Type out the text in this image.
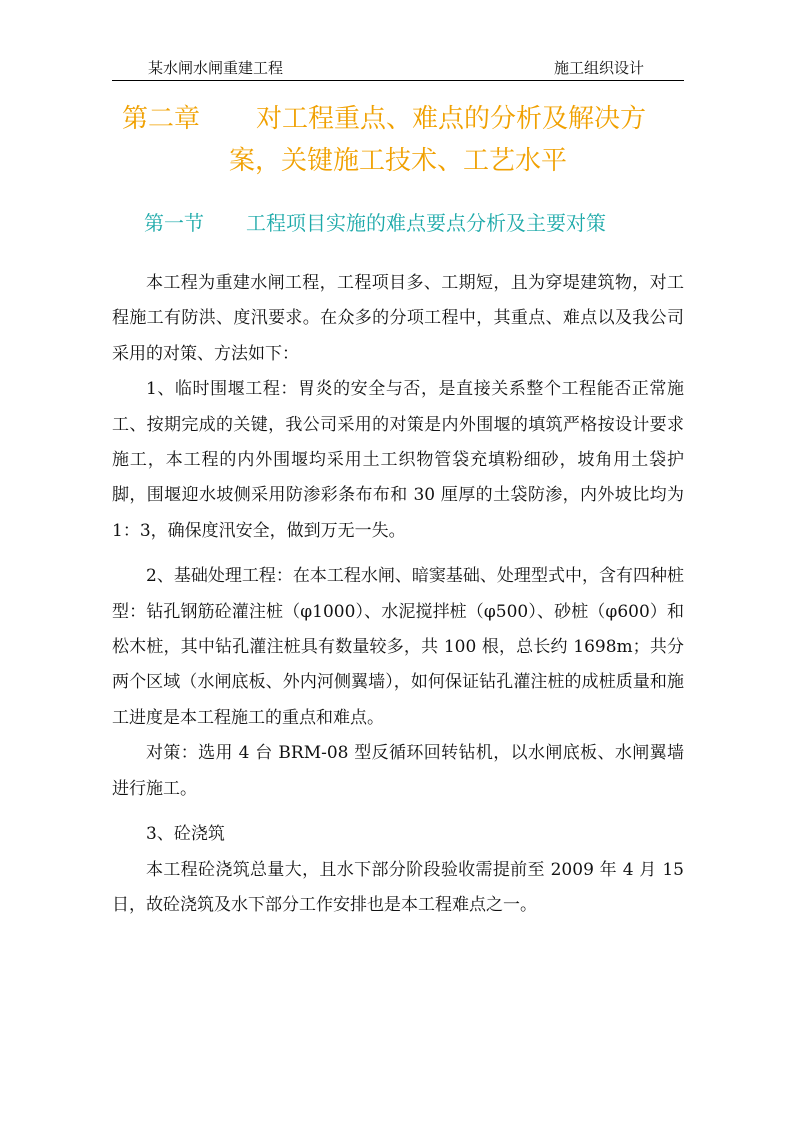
某水闸水闸重建工程	施工组织设计
第二章 对工程重点、难点的分析及解决方
案，关键施工技术、工艺水平
第一节 工程项目实施的难点要点分析及主要对策

本工程为重建水闸工程，工程项目多、工期短，且为穿堤建筑物，对工程施工有防洪、度汛要求。在众多的分项工程中，其重点、难点以及我公司采用的对策、方法如下：

1、临时围堰工程：胃炎的安全与否，是直接关系整个工程能否正常施工、按期完成的关键，我公司采用的对策是内外围堰的填筑严格按设计要求施工，本工程的内外围堰均采用土工织物管袋充填粉细砂，坡角用土袋护脚，围堰迎水坡侧采用防渗彩条布布和 30 厘厚的土袋防渗，内外坡比均为 1：3，确保度汛安全，做到万无一失。

2、基础处理工程：在本工程水闸、暗窦基础、处理型式中，含有四种桩型：钻孔钢筋砼灌注桩（φ1000）、水泥搅拌桩（φ500）、砂桩（φ600）和松木桩，其中钻孔灌注桩具有数量较多，共 100 根，总长约 1698m；共分两个区域（水闸底板、外内河侧翼墙），如何保证钻孔灌注桩的成桩质量和施工进度是本工程施工的重点和难点。

对策：选用 4 台 BRM-08 型反循环回转钻机，以水闸底板、水闸翼墙进行施工。

3、砼浇筑

本工程砼浇筑总量大，且水下部分阶段验收需提前至 2009 年 4 月 15 日，故砼浇筑及水下部分工作安排也是本工程难点之一。
